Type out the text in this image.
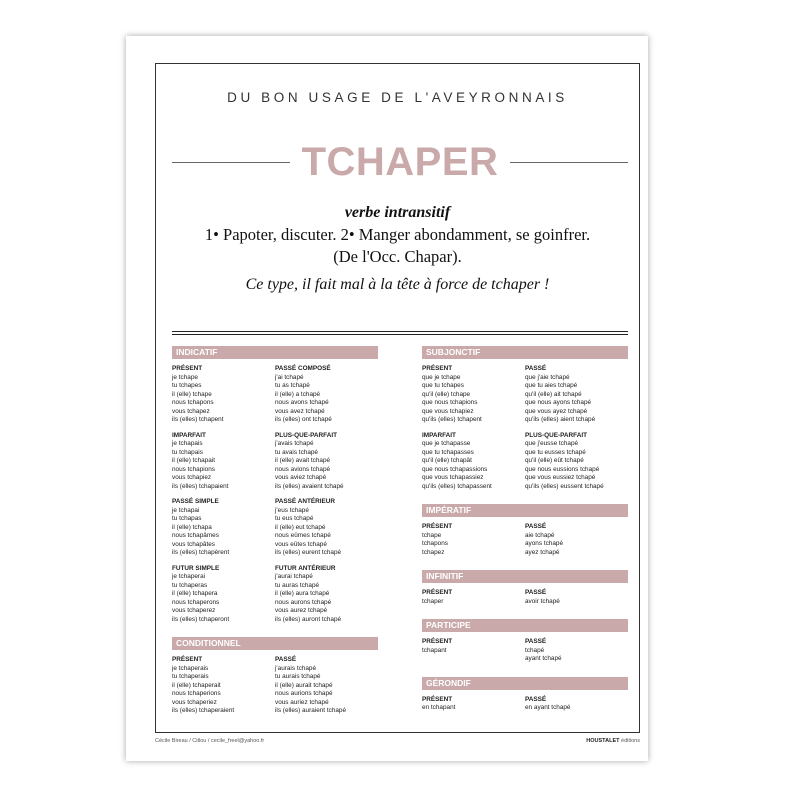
DU BON USAGE DE L'AVEYRONNAIS
TCHAPER
verbe intransitif
1• Papoter, discuter. 2• Manger abondamment, se goinfrer.
(De l'Occ. Chapar).
Ce type, il fait mal à la tête à force de tchaper !
INDICATIF
PRÉSENT
je tchape
tu tchapes
il (elle) tchape
nous tchapons
vous tchapez
ils (elles) tchapent
PASSÉ COMPOSÉ
j'ai tchapé
tu as tchapé
il (elle) a tchapé
nous avons tchapé
vous avez tchapé
ils (elles) ont tchapé
IMPARFAIT
je tchapais
tu tchapais
il (elle) tchapait
nous tchapions
vous tchapiez
ils (elles) tchapaient
PLUS-QUE-PARFAIT
j'avais tchapé
tu avais tchapé
il (elle) avait tchapé
nous avions tchapé
vous aviez tchapé
ils (elles) avaient tchapé
PASSÉ SIMPLE
je tchapai
tu tchapas
il (elle) tchapa
nous tchapâmes
vous tchapâtes
ils (elles) tchapèrent
PASSÉ ANTÉRIEUR
j'eus tchapé
tu eus tchapé
il (elle) eut tchapé
nous eûmes tchapé
vous eûtes tchapé
ils (elles) eurent tchapé
FUTUR SIMPLE
je tchaperai
tu tchaperas
il (elle) tchapera
nous tchaperons
vous tchaperez
ils (elles) tchaperont
FUTUR ANTÉRIEUR
j'aurai tchapé
tu auras tchapé
il (elle) aura tchapé
nous aurons tchapé
vous aurez tchapé
ils (elles) auront tchapé
CONDITIONNEL
PRÉSENT
je tchaperais
tu tchaperais
il (elle) tchaperait
nous tchaperions
vous tchaperiez
ils (elles) tchaperaient
PASSÉ
j'aurais tchapé
tu aurais tchapé
il (elle) aurait tchapé
nous aurions tchapé
vous auriez tchapé
ils (elles) auraient tchapé
SUBJONCTIF
PRÉSENT
que je tchape
que tu tchapes
qu'il (elle) tchape
que nous tchapions
que vous tchapiez
qu'ils (elles) tchapent
PASSÉ
que j'aie tchapé
que tu aies tchapé
qu'il (elle) ait tchapé
que nous ayons tchapé
que vous ayez tchapé
qu'ils (elles) aient tchapé
IMPARFAIT
que je tchapasse
que tu tchapasses
qu'il (elle) tchapât
que nous tchapassions
que vous tchapassiez
qu'ils (elles) tchapassent
PLUS-QUE-PARFAIT
que j'eusse tchapé
que tu eusses tchapé
qu'il (elle) eût tchapé
que nous eussions tchapé
que vous eussiez tchapé
qu'ils (elles) eussent tchapé
IMPÉRATIF
PRÉSENT
tchape
tchapons
tchapez
PASSÉ
aie tchapé
ayons tchapé
ayez tchapé
INFINITIF
PRÉSENT
tchaper
PASSÉ
avoir tchapé
PARTICIPE
PRÉSENT
tchapant
PASSÉ
tchapé
ayant tchapé
GÉRONDIF
PRÉSENT
en tchapant
PASSÉ
en ayant tchapé
Cécile Bireau / Citlou / cecile_freel@yahoo.fr	HOUSTALET éditions
